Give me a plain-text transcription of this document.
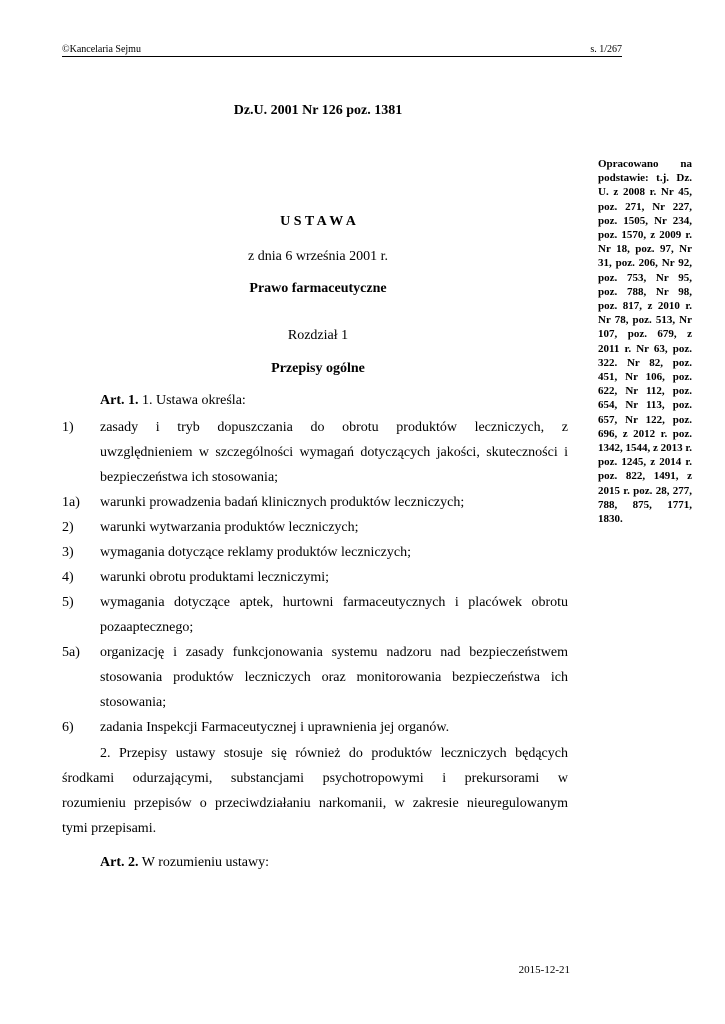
©Kancelaria Sejmu	s. 1/267
Dz.U. 2001 Nr 126 poz. 1381
Opracowano na podstawie: t.j. Dz. U. z 2008 r. Nr 45, poz. 271, Nr 227, poz. 1505, Nr 234, poz. 1570, z 2009 r. Nr 18, poz. 97, Nr 31, poz. 206, Nr 92, poz. 753, Nr 95, poz. 788, Nr 98, poz. 817, z 2010 r. Nr 78, poz. 513, Nr 107, poz. 679, z 2011 r. Nr 63, poz. 322. Nr 82, poz. 451, Nr 106, poz. 622, Nr 112, poz. 654, Nr 113, poz. 657, Nr 122, poz. 696, z 2012 r. poz. 1342, 1544, z 2013 r. poz. 1245, z 2014 r. poz. 822, 1491, z 2015 r. poz. 28, 277, 788, 875, 1771, 1830.
U S T A W A
z dnia 6 września 2001 r.
Prawo farmaceutyczne
Rozdział 1
Przepisy ogólne
Art. 1. 1. Ustawa określa:
1) zasady i tryb dopuszczania do obrotu produktów leczniczych, z
uwzględnieniem w szczególności wymagań dotyczących jakości, skuteczności i
bezpieczeństwa ich stosowania;
1a) warunki prowadzenia badań klinicznych produktów leczniczych;
2) warunki wytwarzania produktów leczniczych;
3) wymagania dotyczące reklamy produktów leczniczych;
4) warunki obrotu produktami leczniczymi;
5) wymagania dotyczące aptek, hurtowni farmaceutycznych i placówek obrotu
pozaaptecznego;
5a) organizację i zasady funkcjonowania systemu nadzoru nad bezpieczeństwem
stosowania produktów leczniczych oraz monitorowania bezpieczeństwa ich
stosowania;
6) zadania Inspekcji Farmaceutycznej i uprawnienia jej organów.
2. Przepisy ustawy stosuje się również do produktów leczniczych będących
środkami odurzającymi, substancjami psychotropowymi i prekursorami w
rozumieniu przepisów o przeciwdziałaniu narkomanii, w zakresie nieuregulowanym
tymi przepisami.
Art. 2. W rozumieniu ustawy:
2015-12-21
